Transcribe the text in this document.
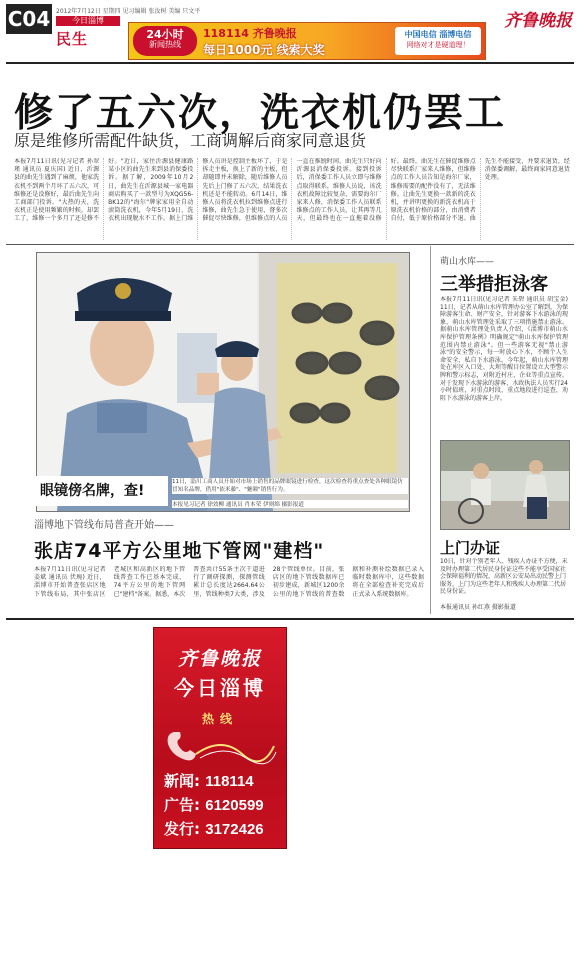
C04 2012年7月12日 星期四 见习编辑 张汝树 美编 只文平
今日淄博
民生	24小时
新闻热线
118114 齐鲁晚报
每日1000元 线索大奖
中国电信 淄博电信
网络对才是硬道理！
齐鲁晚报
修了五六次，洗衣机仍罢工
原是维修所需配件缺货，工商调解后商家同意退货
本报7月11日讯(见习记者 孙翠瑾 通讯员 夏庆国) 近日，沂源县的曲先生遇到了麻烦，他家洗衣机不到两个月坏了五六次，可维修还是没修好，最后曲先生向工商部门投诉。"大热的天，洗衣机正是使用频繁的时候，却罢工了，维修一个多月了还是修不好。"近日，家住沂源县健康路某小区的曲先生来到县消保委投诉。据了解，2009年10月2日，曲先生在沂源县城一家电器商店购买了一款型号为XQG56-BK12的"海尔"牌家家用全自动滚筒洗衣机，今年5月19日，洗衣机出现脱水不工作。据上门维修人员讲是控制主板坏了，于是拆走主板，换上了新的主板，但却随即并未解除，随后维修人员先后上门修了五六次，结果洗衣机还是不能转动。6月14日，维修人员将洗衣机拉到维修点进行维修，曲先生急于使用，督多次催促尽快维修，但维修点的人员一直在推脱时间，曲先生只好向沂源县消保委投诉。接到投诉后，消保委工作人员立即与维修点取得联系，维修人员说，该洗衣机故障比较复杂，需要海尔厂家来人修，消保委工作人员联系维修点的工作人员，让其再等几天，但最终也在一直拖着没修好。最终，曲先生在催促维修点尽快联系厂家来人维修，但维修点的工作人员告知是海尔厂家，维修需要的配件没有了，无法维修。让曲先生更换一款新的洗衣机，并讲明更换的新洗衣机高于原洗衣机价格的部分，由消费者自付，低于原价格部分不退。曲先生不能接受，并要求退货，经消保委调解，最终商家同意退货处理。
眼镜傍名牌，查!
11日，淄川工商人员开始对市场上销售的品牌眼镜进行检查，这次检查将重点查处各种眼镜仿冒知名品牌，借用"依米藤"、"魅瞳"销售行为。
本报见习记者 徐效柳 通讯员 肖本荣 伊则绵 摄影报道
淄博地下管线布局普查开始——
张店74平方公里地下管网"建档"
本报7月11日讯(见习记者 姜斌 通讯员 伏琬) 近日，淄博市开始普查张店区地下管线布局，其中张店区老城区和高新区的地下管线普查工作已基本完成，74平方公里的地下管网已"建档"备案。据悉，本次普查共计55条主次干道进行了调研探测，探测管线累计总长度达2664.64公里，管线种类7大类，涉及28个管线单位。目前，张店区的地下管线数据库已初步建成，新城区1200余公里的地下管线的普查数据和补测补绘数据已录入临时数据库中，这些数据将在全部检查补充完成后正式录入系统数据库。
萌山水库——
三举措拒泳客
本报7月11日讯(见习记者 朱碧 通讯员 胡宝金) 11日，记者从萌山水库管理办公室了解到，为保障游客生命、财产安全，针对游客下水游泳的现象，萌山水库管理处采取了三项措施禁止游泳。据萌山水库管理处负责人介绍，《淄博市萌山水库保护管理条例》明确规定"萌山水库保护管理范围内禁止游泳"。但一些游客无视"禁止游泳"的安全警示，每一时放心下水，不顾个人生命安全，私自下水游泳。今年起，萌山水库管理处在库区入口处、大坝等醒目位置设立大型警示牌和警示标志，对附近村庄、企业等重点宣传。对于发现下水游泳的游客，水政执法人员实行24小时值班，对重点时段、重点地段进行巡查，劝阻下水游泳的游客上岸。
上门办证
10日，针对个别老年人、残疾人办证不方便，未及时办理第二代居民身份证这些不能享受国家社会保障福利的情况，高新区公安局出动民警上门服务，上门为这些老年人和残疾人办理第二代居民身份证。
本报通讯员 孙红燕 摄影报道
齐鲁晚报
今日淄博
热线
新闻: 118114
广告: 6120599
发行: 3172426
